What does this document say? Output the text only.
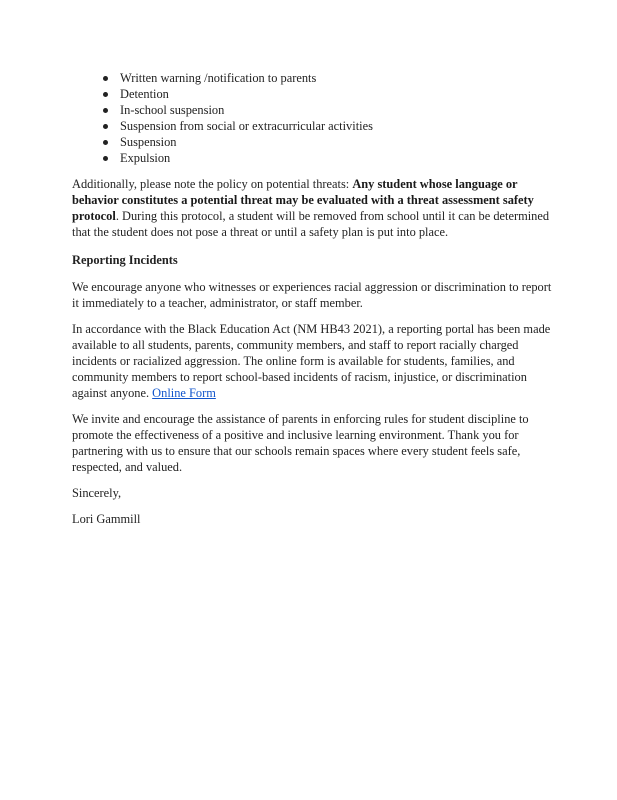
Written warning /notification to parents
Detention
In-school suspension
Suspension from social or extracurricular activities
Suspension
Expulsion

Additionally, please note the policy on potential threats: Any student whose language or behavior constitutes a potential threat may be evaluated with a threat assessment safety protocol. During this protocol, a student will be removed from school until it can be determined that the student does not pose a threat or until a safety plan is put into place.

Reporting Incidents

We encourage anyone who witnesses or experiences racial aggression or discrimination to report it immediately to a teacher, administrator, or staff member.

In accordance with the Black Education Act (NM HB43 2021), a reporting portal has been made available to all students, parents, community members, and staff to report racially charged incidents or racialized aggression. The online form is available for students, families, and community members to report school-based incidents of racism, injustice, or discrimination against anyone. Online Form

We invite and encourage the assistance of parents in enforcing rules for student discipline to promote the effectiveness of a positive and inclusive learning environment. Thank you for partnering with us to ensure that our schools remain spaces where every student feels safe, respected, and valued.

Sincerely,

Lori Gammill
